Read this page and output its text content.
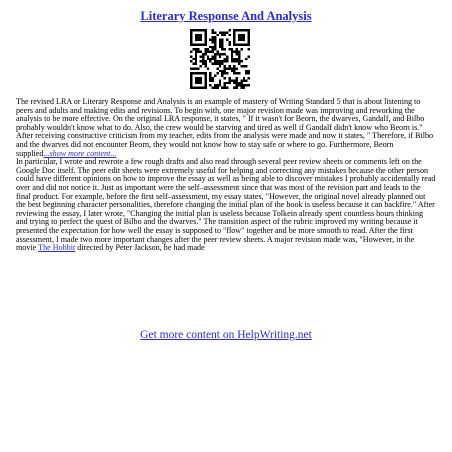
Literary Response And Analysis

The revised LRA or Literary Response and Analysis is an example of mastery of Writing Standard 5 that is about listening to peers and adults and making edits and revisions. To begin with, one major revision made was improving and reworking the analysis to be more effective. On the original LRA response, it states, " If it wasn't for Beorn, the dwarves, Gandalf, and Bilbo probably wouldn't know what to do. Also, the crew would be starving and tired as well if Gandalf didn't know who Beorn is." After receiving constructive criticism from my teacher, edits from the analysis were made and now it states, " Therefore, if Bilbo and the dwarves did not encounter Beorn, they would not know how to stay safe or where to go. Furthermore, Beorn supplied...show more content...

In particular, I wrote and rewrote a few rough drafts and also read through several peer review sheets or comments left on the Google Doc itself. The peer edit sheets were extremely useful for helping and correcting any mistakes because the other person could have different opinions on how to improve the essay as well as being able to discover mistakes I probably accidentally read over and did not notice it. Just as important were the self–assessment since that was most of the revision part and leads to the final product. For example, before the first self–assessment, my essay states, "However, the original novel already planned out the best beginning character personalities, therefore changing the initial plan of the book is useless because it can backfire." After reviewing the essay, I later wrote, "Changing the initial plan is useless because Tolkein already spent countless hours thinking and trying to perfect the quest of Bilbo and the dwarves." The transition aspect of the rubric improved my writing because it presented the expectation for how well the essay is supposed to "flow" together and be more smooth to read. After the first assessment, I made two more important changes after the peer review sheets. A major revision made was, "However, in the movie The Hobbit directed by Peter Jackson, he had made

Get more content on HelpWriting.net
